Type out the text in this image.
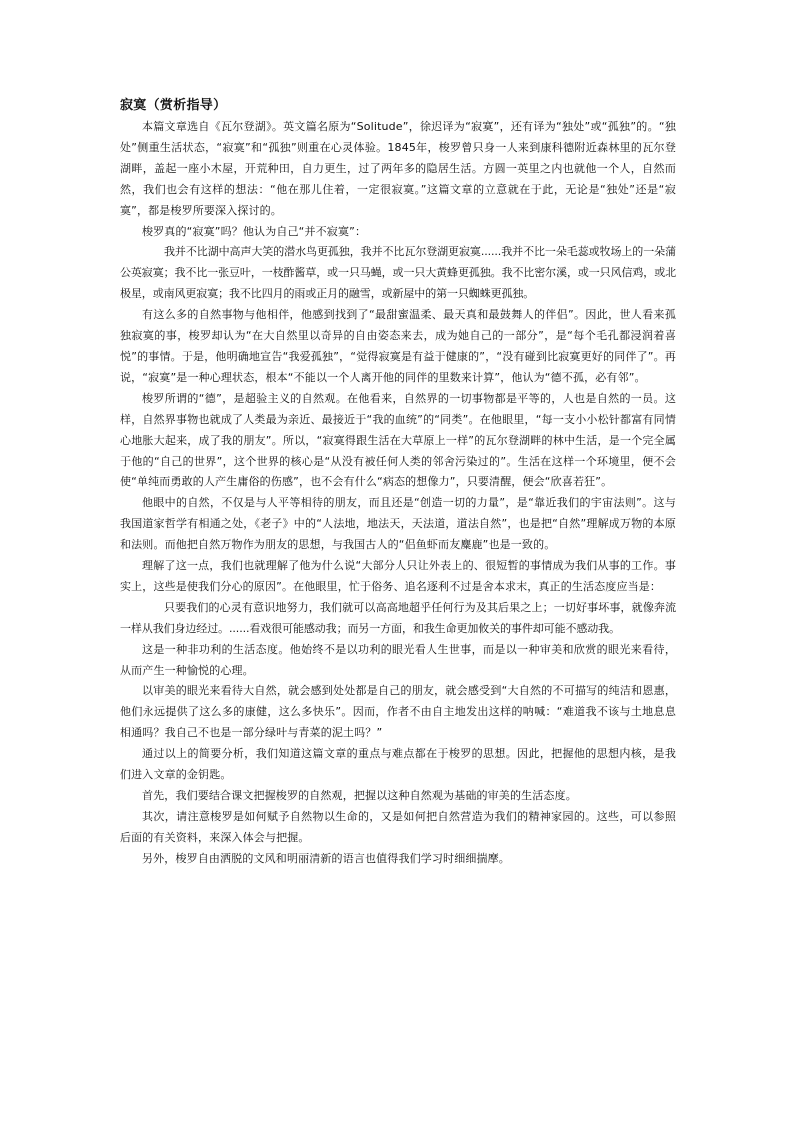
寂寞（赏析指导）

本篇文章选自《瓦尔登湖》。英文篇名原为“Solitude”，徐迟译为“寂寞”，还有译为“独处”或“孤独”的。“独处”侧重生活状态，“寂寞”和“孤独”则重在心灵体验。1845年，梭罗曾只身一人来到康科德附近森林里的瓦尔登湖畔，盖起一座小木屋，开荒种田，自力更生，过了两年多的隐居生活。方圆一英里之内也就他一个人，自然而然，我们也会有这样的想法：“他在那儿住着，一定很寂寞。”这篇文章的立意就在于此，无论是“独处”还是“寂寞”，都是梭罗所要深入探讨的。

梭罗真的“寂寞”吗？他认为自己“并不寂寞”：

我并不比湖中高声大笑的潜水鸟更孤独，我并不比瓦尔登湖更寂寞......我并不比一朵毛蕊或牧场上的一朵蒲公英寂寞；我不比一张豆叶，一枝酢酱草，或一只马蝇，或一只大黄蜂更孤独。我不比密尔溪，或一只风信鸡，或北极星，或南风更寂寞；我不比四月的雨或正月的融雪，或新屋中的第一只蜘蛛更孤独。

有这么多的自然事物与他相伴，他感到找到了“最甜蜜温柔、最天真和最鼓舞人的伴侣”。因此，世人看来孤独寂寞的事，梭罗却认为“在大自然里以奇异的自由姿态来去，成为她自己的一部分”，是“每个毛孔都浸润着喜悦”的事情。于是，他明确地宣告“我爱孤独”，“觉得寂寞是有益于健康的”，“没有碰到比寂寞更好的同伴了”。再说，“寂寞”是一种心理状态，根本“不能以一个人离开他的同伴的里数来计算”，他认为“德不孤，必有邻”。

梭罗所谓的“德”，是超验主义的自然观。在他看来，自然界的一切事物都是平等的，人也是自然的一员。这样，自然界事物也就成了人类最为亲近、最接近于“我的血统”的“同类”。在他眼里，“每一支小小松针都富有同情心地胀大起来，成了我的朋友”。所以，“寂寞得跟生活在大草原上一样”的瓦尔登湖畔的林中生活，是一个完全属于他的“自己的世界”，这个世界的核心是“从没有被任何人类的邻舍污染过的”。生活在这样一个环境里，便不会使“单纯而勇敢的人产生庸俗的伤感”，也不会有什么“病态的想像力”，只要清醒，便会“欣喜若狂”。

他眼中的自然，不仅是与人平等相待的朋友，而且还是“创造一切的力量”，是“靠近我们的宇宙法则”。这与我国道家哲学有相通之处，《老子》中的“人法地，地法天，天法道，道法自然”，也是把“自然”理解成万物的本原和法则。而他把自然万物作为朋友的思想，与我国古人的“侣鱼虾而友麋鹿”也是一致的。

理解了这一点，我们也就理解了他为什么说“大部分人只让外表上的、很短暂的事情成为我们从事的工作。事实上，这些是使我们分心的原因”。在他眼里，忙于俗务、追名逐利不过是舍本求末，真正的生活态度应当是：

只要我们的心灵有意识地努力，我们就可以高高地超乎任何行为及其后果之上；一切好事坏事，就像奔流一样从我们身边经过。......看戏很可能感动我；而另一方面，和我生命更加攸关的事件却可能不感动我。

这是一种非功利的生活态度。他始终不是以功利的眼光看人生世事，而是以一种审美和欣赏的眼光来看待，从而产生一种愉悦的心理。

以审美的眼光来看待大自然，就会感到处处都是自己的朋友，就会感受到“大自然的不可描写的纯洁和恩惠，他们永远提供了这么多的康健，这么多快乐”。因而，作者不由自主地发出这样的呐喊：“难道我不该与土地息息相通吗？我自己不也是一部分绿叶与青菜的泥土吗？”

通过以上的简要分析，我们知道这篇文章的重点与难点都在于梭罗的思想。因此，把握他的思想内核，是我们进入文章的金钥匙。

首先，我们要结合课文把握梭罗的自然观，把握以这种自然观为基础的审美的生活态度。

其次，请注意梭罗是如何赋予自然物以生命的，又是如何把自然营造为我们的精神家园的。这些，可以参照后面的有关资料，来深入体会与把握。

另外，梭罗自由洒脱的文风和明丽清新的语言也值得我们学习时细细揣摩。
